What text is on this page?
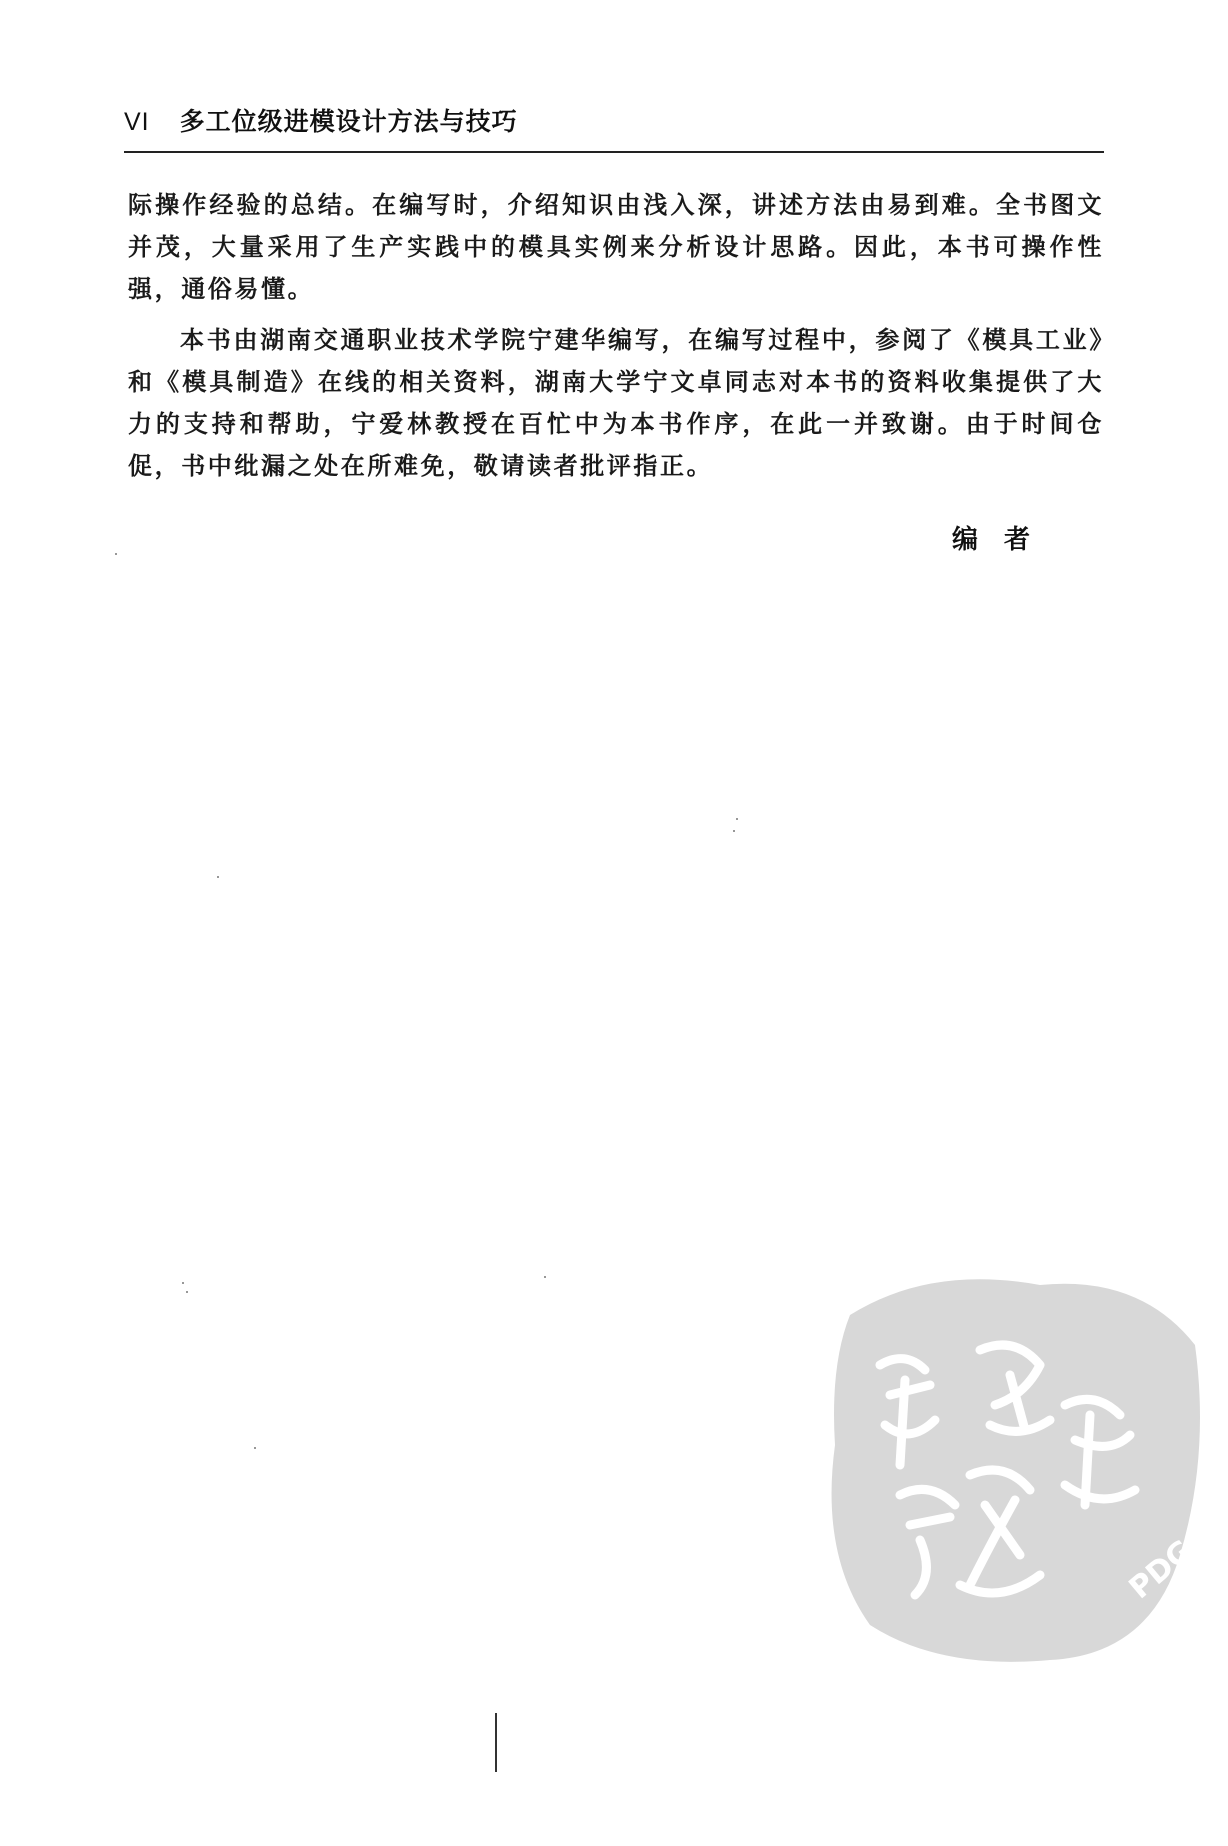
VI 多工位级进模设计方法与技巧

际操作经验的总结。在编写时，介绍知识由浅入深，讲述方法由易到难。全书图文并茂，大量采用了生产实践中的模具实例来分析设计思路。因此，本书可操作性强，通俗易懂。

本书由湖南交通职业技术学院宁建华编写，在编写过程中，参阅了《模具工业》和《模具制造》在线的相关资料，湖南大学宁文卓同志对本书的资料收集提供了大力的支持和帮助，宁爱林教授在百忙中为本书作序，在此一并致谢。由于时间仓促，书中纰漏之处在所难免，敬请读者批评指正。

编者
PDG
